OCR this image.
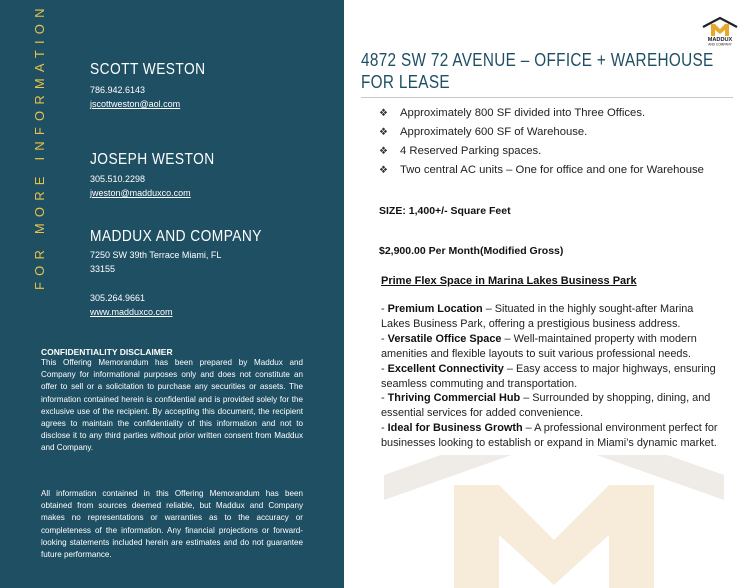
FOR MORE INFORMATION	SCOTT WESTON
786.942.6143
jscottweston@aol.com
JOSEPH WESTON
305.510.2298
jweston@madduxco.com
MADDUX AND COMPANY
7250 SW 39th Terrace Miami, FL
33155
305.264.9661
www.madduxco.com
CONFIDENTIALITY DISCLAIMER

This Offering Memorandum has been prepared by Maddux and Company for informational purposes only and does not constitute an offer to sell or a solicitation to purchase any securities or assets. The information contained herein is confidential and is provided solely for the exclusive use of the recipient. By accepting this document, the recipient agrees to maintain the confidentiality of this information and not to disclose it to any third parties without prior written consent from Maddux and Company.

All information contained in this Offering Memorandum has been obtained from sources deemed reliable, but Maddux and Company makes no representations or warranties as to the accuracy or completeness of the information. Any financial projections or forward-looking statements included herein are estimates and do not guarantee future performance.

MADDUX
AND COMPANY
4872 SW 72 AVENUE – OFFICE + WAREHOUSE
FOR LEASE
❖ Approximately 800 SF divided into Three Offices.
❖ Approximately 600 SF of Warehouse.
❖ 4 Reserved Parking spaces.
❖ Two central AC units – One for office and one for Warehouse
SIZE: 1,400+/- Square Feet
$2,900.00 Per Month(Modified Gross)
Prime Flex Space in Marina Lakes Business Park
- Premium Location – Situated in the highly sought-after Marina Lakes Business Park, offering a prestigious business address.
- Versatile Office Space – Well-maintained property with modern amenities and flexible layouts to suit various professional needs.
- Excellent Connectivity – Easy access to major highways, ensuring seamless commuting and transportation.
- Thriving Commercial Hub – Surrounded by shopping, dining, and essential services for added convenience.
- Ideal for Business Growth – A professional environment perfect for businesses looking to establish or expand in Miami’s dynamic market.
